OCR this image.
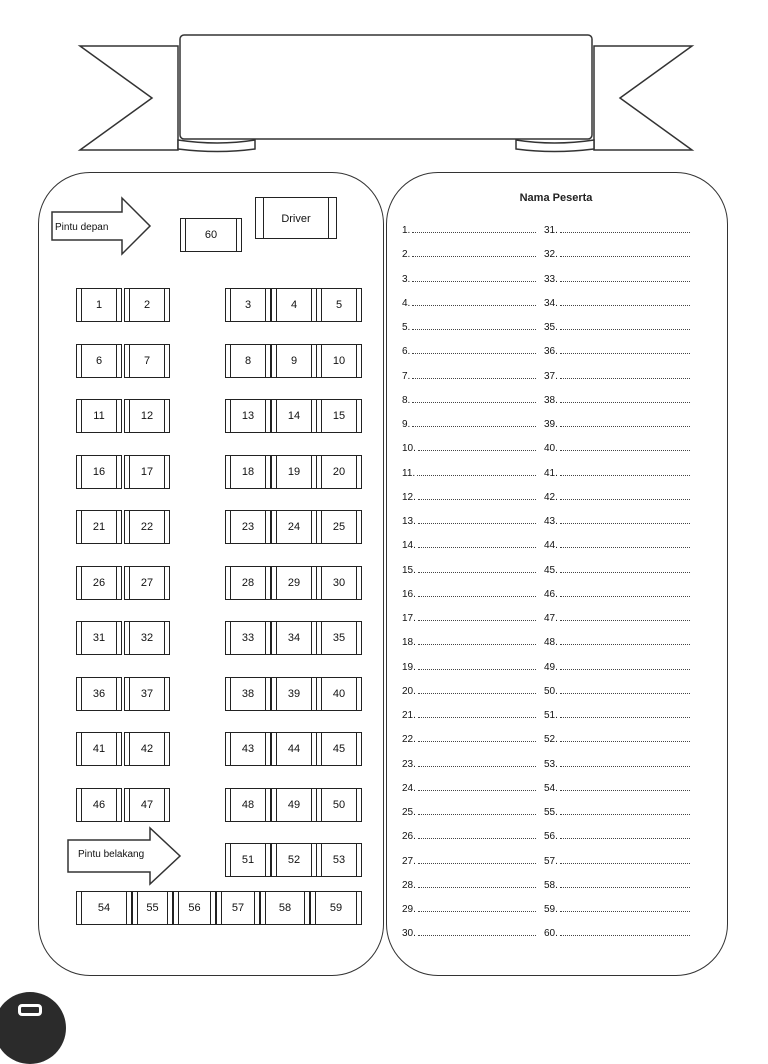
Pintu depan
60
Driver
1	2	3	4	5
6	7	8	9	10
11	12	13	14	15
16	17	18	19	20
21	22	23	24	25
26	27	28	29	30
31	32	33	34	35
36	37	38	39	40
41	42	43	44	45
46	47	48	49	50
51	52	53
Pintu belakang
54	55	56	57	58	59
Nama Peserta
1.
2.
3.
4.
5.
6.
7.
8.
9.
10.
11.
12.
13.
14.
15.
16.
17.
18.
19.
20.
21.
22.
23.
24.
25.
26.
27.
28.
29.
30.
31.
32.
33.
34.
35.
36.
37.
38.
39.
40.
41.
42.
43.
44.
45.
46.
47.
48.
49.
50.
51.
52.
53.
54.
55.
56.
57.
58.
59.
60.
